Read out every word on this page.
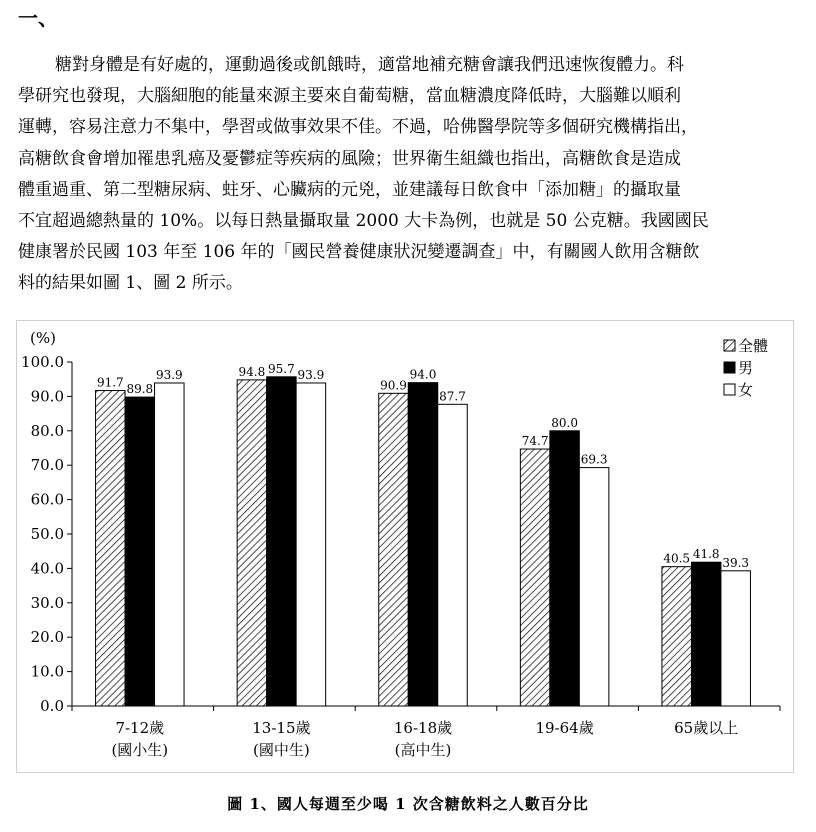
一、
糖對身體是有好處的，運動過後或飢餓時，適當地補充糖會讓我們迅速恢復體力。科
學研究也發現，大腦細胞的能量來源主要來自葡萄糖，當血糖濃度降低時，大腦難以順利
運轉，容易注意力不集中，學習或做事效果不佳。不過，哈佛醫學院等多個研究機構指出，
高糖飲食會增加罹患乳癌及憂鬱症等疾病的風險；世界衛生組織也指出，高糖飲食是造成
體重過重、第二型糖尿病、蛀牙、心臟病的元兇，並建議每日飲食中「添加糖」的攝取量
不宜超過總熱量的 10%。以每日熱量攝取量 2000 大卡為例，也就是 50 公克糖。我國國民
健康署於民國 103 年至 106 年的「國民營養健康狀況變遷調查」中，有關國人飲用含糖飲
料的結果如圖 1、圖 2 所示。
(%)
0.0
10.0
20.0
30.0
40.0
50.0
60.0
70.0
80.0
90.0
100.0
91.7 89.8
93.9
7-12歲
(國小生)
94.8 95.7 93.9
13-15歲
(國中生)
90.9
94.0
87.7
16-18歲
(高中生)
74.7
80.0
69.3
19-64歲
40.5 41.8
39.3
65歲以上
全體
男
女

圖 1、國人每週至少喝 1 次含糖飲料之人數百分比
